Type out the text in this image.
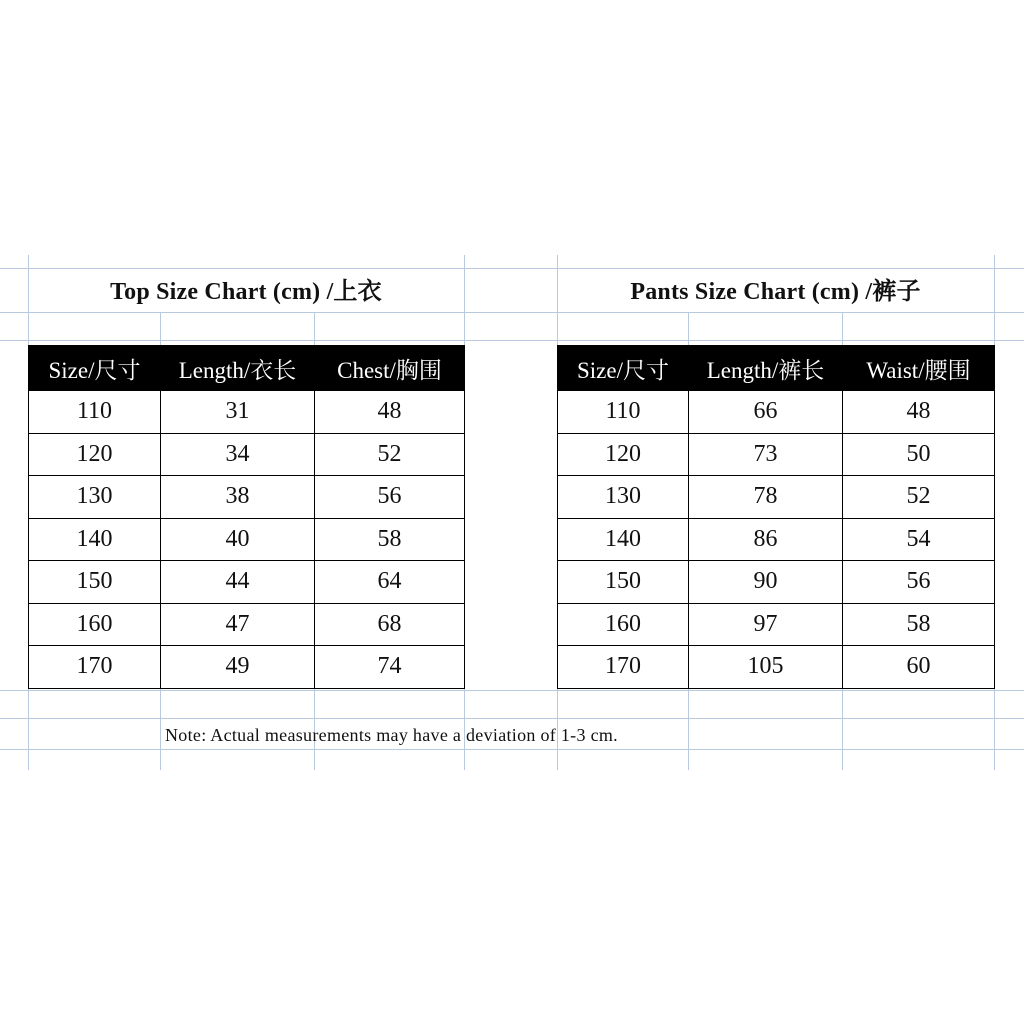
Top Size Chart (cm) /上衣
Size/尺寸	Length/衣长	Chest/胸围
110	31	48
120	34	52
130	38	56
140	40	58
150	44	64
160	47	68
170	49	74
Pants Size Chart (cm) /裤子
Size/尺寸	Length/裤长	Waist/腰围
110	66	48
120	73	50
130	78	52
140	86	54
150	90	56
160	97	58
170	105	60
Note: Actual measurements may have a deviation of 1-3 cm.
